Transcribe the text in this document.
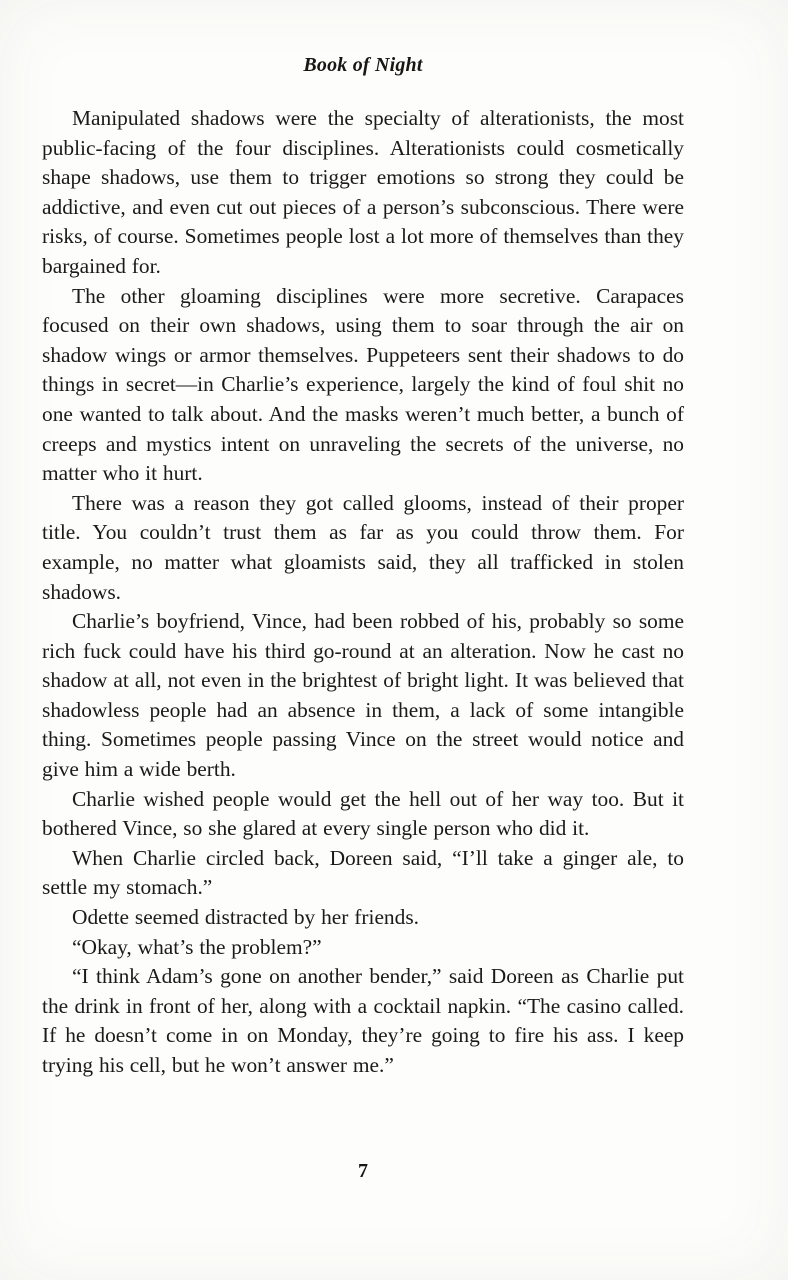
Book of Night

Manipulated shadows were the specialty of alterationists, the most public-facing of the four disciplines. Alterationists could cosmetically shape shadows, use them to trigger emotions so strong they could be addictive, and even cut out pieces of a person’s subconscious. There were risks, of course. Sometimes people lost a lot more of themselves than they bargained for.

The other gloaming disciplines were more secretive. Carapaces focused on their own shadows, using them to soar through the air on shadow wings or armor themselves. Puppeteers sent their shadows to do things in secret—in Charlie’s experience, largely the kind of foul shit no one wanted to talk about. And the masks weren’t much better, a bunch of creeps and mystics intent on unraveling the secrets of the universe, no matter who it hurt.

There was a reason they got called glooms, instead of their proper title. You couldn’t trust them as far as you could throw them. For example, no matter what gloamists said, they all trafficked in stolen shadows.

Charlie’s boyfriend, Vince, had been robbed of his, probably so some rich fuck could have his third go-round at an alteration. Now he cast no shadow at all, not even in the brightest of bright light. It was believed that shadowless people had an absence in them, a lack of some intangible thing. Sometimes people passing Vince on the street would notice and give him a wide berth.

Charlie wished people would get the hell out of her way too. But it bothered Vince, so she glared at every single person who did it.

When Charlie circled back, Doreen said, “I’ll take a ginger ale, to settle my stomach.”

Odette seemed distracted by her friends.

“Okay, what’s the problem?”

“I think Adam’s gone on another bender,” said Doreen as Charlie put the drink in front of her, along with a cocktail napkin. “The casino called. If he doesn’t come in on Monday, they’re going to fire his ass. I keep trying his cell, but he won’t answer me.”

7
